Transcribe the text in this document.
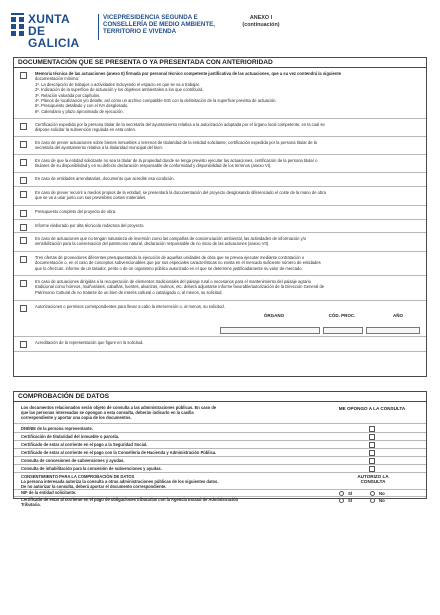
XUNTA
DE GALICIA
VICEPRESIDENCIA SEGUNDA E
CONSELLERÍA DE MEDIO AMBIENTE,
TERRITORIO E VIVENDA
ANEXO I
(continuación)
DOCUMENTACIÓN QUE SE PRESENTA O YA PRESENTADA CON ANTERIORIDAD
Memoria técnica de las actuaciones (anexo II) firmada por personal técnico competente justificativa de las actuaciones, que a su vez contendrá la siguiente
documentación mínima:
1º. La descripción de trabajos o actividades incluyendo el espacio en que se va a trabajar.
2º. Indicación de la superficie de actuación y los objetivos ambientales a los que contribuirá.
3º. Relación valorada por capítulos.
4º. Planos de localización y/o detalle, así como un archivo compatible SIG con la delimitación de la superficie prevista de actuación.
5º. Presupuesto detallado y con el IVA desglosado.
6º. Calendario y plazo aproximado de ejecución.
Certificación expedida por la persona titular de la secretaría del ayuntamiento relativa a la autorización adoptada por el órgano local competente, en la cual se
dispone solicitar la subvención regulada en esta orden.
En caso de prever actuaciones sobre bienes inmuebles o terrenos de titularidad de la entidad solicitante, certificación expedida por la persona titular de la
secretaría del ayuntamiento relativa a la titularidad municipal del bien.
En caso de que la entidad solicitante no sea la titular de la propiedad donde se tenga previsto ejecutar las actuaciones, certificación de la persona titular o
titulares de su disponibilidad y en su defecto declaración responsable de conformidad y disponibilidad de los terrenos (anexo VI).
En caso de entidades arrendatarias, documento que acredite esa condición.
En caso de prever recurrir a medios propios de la entidad, se presentará la documentación del proyecto desglosando diferenciado el coste de la mano de obra
que se va a usar junto con sus previsibles costes materiales.
Presupuesto completo del proyecto de obra.
Informe elaborado por alta técnicola redactora del proyecto.
En caso de actuaciones que no tengan naturaleza de inversión como las campañas de concienciación ambiental, las actividades de información y/o
sensibilización para la conservación del patrimonio natural, declaración responsable de no inicio de las actuaciones (anexo VII).
Tres ofertas de proveedores diferentes presupuestando la ejecución de aquellas unidades de obra que se prevea ejecutar mediante contratación o
documentación o, en el caso de conceptos subvencionables que por sus especiales características no exista en el mercado suficiente número de entidades
que lo ofrezcan, informe de un tasador, perito o de un organismo público autorizado en el que se determine justificadamente su valor de mercado.
En caso de actuaciones dirigidas a la recuperación de elementos tradicionales del paisaje rural o necesarios para el mantenimiento del paisaje agrario
tradicional como hórreos, muiños/ales, cabañas, fuentes, alvarizas, molinos, etc. deberá adjuntarse informe favorable/autorización de la Dirección General de
Patrimonio Cultural de no tratarse de un bien de interés cultural o catalogado o, al menos, su solicitud.
Autorizaciones o permisos correspondientes para llevar a cabo la intervención o, al menos, su solicitud.
ÓRGANO	CÓD. PROC.	AÑO
Acreditación de la representación que figure en la solicitud.
COMPROBACIÓN DE DATOS
Los documentos relacionados serán objeto de consulta a las administraciones públicas. En caso de
que las personas interesadas se opongan a esta consulta, deberán indicarlo en la casilla
correspondiente y aportar una copia de los documentos.
ME OPONGO A LA CONSULTA
DNI/NIE de la persona representante.
Certificación de titularidad del inmueble o parcela.
Certificado de estar al corriente en el pago a la Seguridad Social.
Certificado de estar al corriente en el pago con la Consellería de Hacienda y Administración Pública.
Consulta de concesiones de subvenciones y ayudas.
Consulta de inhabilitación para la concesión de subvenciones y ayudas.
CONSENTIMIENTO PARA LA COMPROBACIÓN DE DATOS
La persona interesada autoriza la consulta a otras administraciones públicas de los siguientes datos.
De no autorizar la consulta, deberá aportar el documento correspondiente.
AUTORIZO LA CONSULTA
NIF de la entidad solicitante.	SÍ	No
Certificado de estar al corriente en el pago de obligaciones tributarias con la Agencia Estatal de Administración
Tributaria.
SÍ	No
